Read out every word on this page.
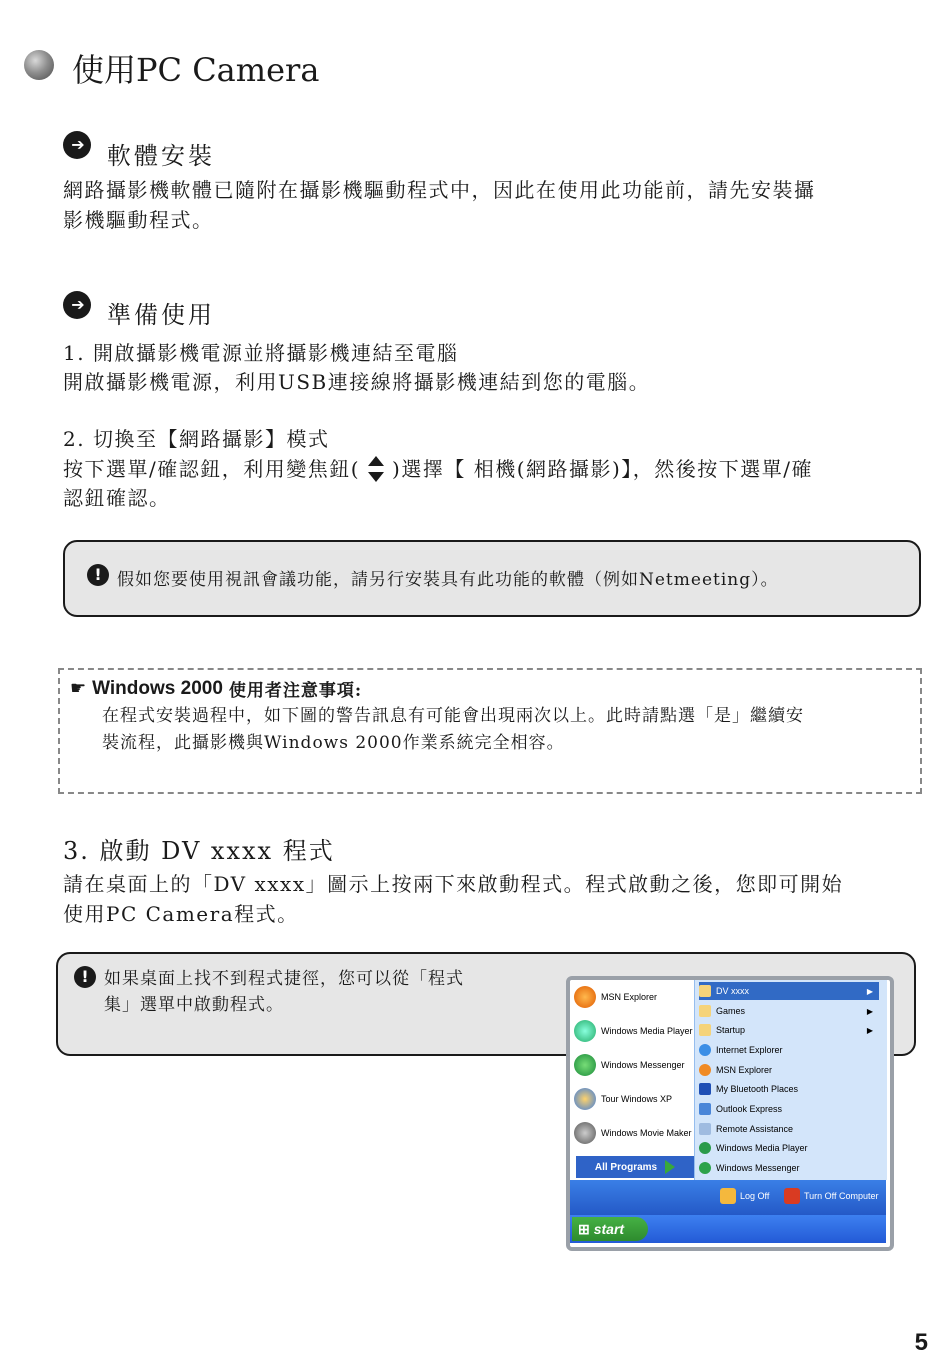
使用PC Camera
➔	軟體安裝
網路攝影機軟體已隨附在攝影機驅動程式中，因此在使用此功能前，請先安裝攝
影機驅動程式。
➔	準備使用
1. 開啟攝影機電源並將攝影機連結至電腦
開啟攝影機電源，利用USB連接線將攝影機連結到您的電腦。
2. 切換至【網路攝影】模式
按下選單/確認鈕，利用變焦鈕( )選擇【 相機(網路攝影)】，然後按下選單/確
認鈕確認。
! 假如您要使用視訊會議功能，請另行安裝具有此功能的軟體（例如Netmeeting）。
☛ Windows 2000 使用者注意事項:
在程式安裝過程中，如下圖的警告訊息有可能會出現兩次以上。此時請點選「是」繼續安
裝流程，此攝影機與Windows 2000作業系統完全相容。
3. 啟動 DV xxxx 程式
請在桌面上的「DV xxxx」圖示上按兩下來啟動程式。程式啟動之後，您即可開始
使用PC Camera程式。
! 如果桌面上找不到程式捷徑，您可以從「程式
集」選單中啟動程式。	MSN Explorer
Windows Media Player
Windows Messenger
Tour Windows XP
Windows Movie Maker
All Programs
DV xxxx	▶
Games	▶
Startup	▶
Internet Explorer
MSN Explorer
My Bluetooth Places
Outlook Express
Remote Assistance
Windows Media Player
Windows Messenger
Log Off	Turn Off Computer
⊞ start
5
